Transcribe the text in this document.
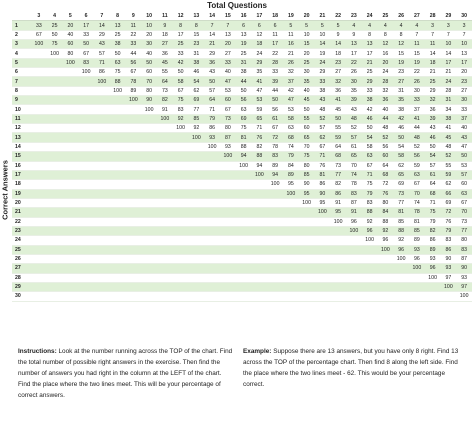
Total Questions
Correct Answers
	3	4	5	6	7	8	9	10	11	12	13	14	15	16	17	18	19	20	21	22	23	24	25	26	27	28	29	30
1	33	25	20	17	14	13	11	10	9	8	8	7	7	6	6	6	5	5	5	5	4	4	4	4	4	3	3	3
2	67	50	40	33	29	25	22	20	18	17	15	14	13	13	12	11	11	10	10	9	9	8	8	8	7	7	7	7
3	100	75	60	50	43	38	33	30	27	25	23	21	20	19	18	17	16	15	14	14	13	13	12	12	11	11	10	10
4		100	80	67	57	50	44	40	36	33	31	29	27	25	24	22	21	20	19	18	17	17	16	15	15	14	14	13
5			100	83	71	63	56	50	45	42	38	36	33	31	29	28	26	25	24	23	22	21	20	19	19	18	17	17
6				100	86	75	67	60	55	50	46	43	40	38	35	33	32	30	29	27	26	25	24	23	22	21	21	20
7					100	88	78	70	64	58	54	50	47	44	41	39	37	35	33	32	30	29	28	27	26	25	24	23
8						100	89	80	73	67	62	57	53	50	47	44	42	40	38	36	35	33	32	31	30	29	28	27
9							100	90	82	75	69	64	60	56	53	50	47	45	43	41	39	38	36	35	33	32	31	30
10								100	91	83	77	71	67	63	59	56	53	50	48	45	43	42	40	38	37	36	34	33
11									100	92	85	79	73	69	65	61	58	55	52	50	48	46	44	42	41	39	38	37
12										100	92	86	80	75	71	67	63	60	57	55	52	50	48	46	44	43	41	40
13											100	93	87	81	76	72	68	65	62	59	57	54	52	50	48	46	45	43
14												100	93	88	82	78	74	70	67	64	61	58	56	54	52	50	48	47
15													100	94	88	83	79	75	71	68	65	63	60	58	56	54	52	50
16														100	94	89	84	80	76	73	70	67	64	62	59	57	55	53
17															100	94	89	85	81	77	74	71	68	65	63	61	59	57
18																100	95	90	86	82	78	75	72	69	67	64	62	60
19																	100	95	90	86	83	79	76	73	70	68	66	63
20																		100	95	91	87	83	80	77	74	71	69	67
21																			100	95	91	88	84	81	78	75	72	70
22																				100	96	92	88	85	81	79	76	73
23																					100	96	92	88	85	82	79	77
24																						100	96	92	89	86	83	80
25																							100	96	93	89	86	83
26																								100	96	93	90	87
27																									100	96	93	90
28																										100	97	93
29																											100	97
30																												100
Instructions: Look at the number running across the TOP of the chart. Find the total number of possible right answers in the exercise. Then find the number of answers you had right in the column at the LEFT of the chart. Find the place where the two lines meet. This will be your percentage of correct answers.
Example: Suppose there are 13 answers, but you have only 8 right. Find 13 across the TOP of the percentage chart. Then find 8 along the left side. Find the place where the two lines meet - 62. This would be your percentage correct.
